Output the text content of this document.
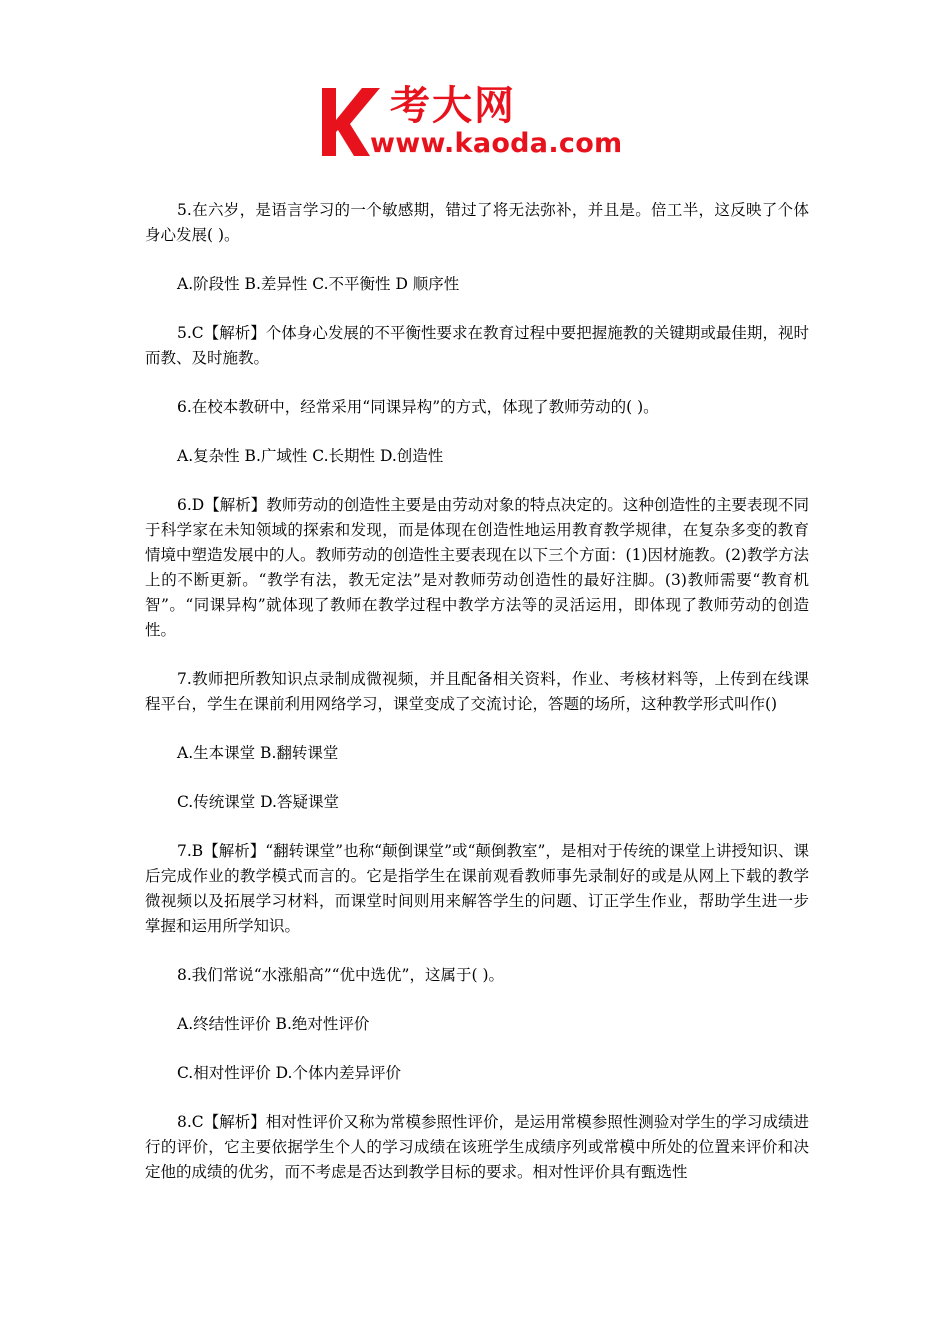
考大网
www.kaoda.com

5.在六岁，是语言学习的一个敏感期，错过了将无法弥补，并且是。倍工半，这反映了个体身心发展( )。

A.阶段性 B.差异性 C.不平衡性 D 顺序性

5.C【解析】个体身心发展的不平衡性要求在教育过程中要把握施教的关键期或最佳期，视时而教、及时施教。

6.在校本教研中，经常采用“同课异构”的方式，体现了教师劳动的( )。

A.复杂性 B.广域性 C.长期性 D.创造性

6.D【解析】教师劳动的创造性主要是由劳动对象的特点决定的。这种创造性的主要表现不同于科学家在未知领域的探索和发现，而是体现在创造性地运用教育教学规律，在复杂多变的教育情境中塑造发展中的人。教师劳动的创造性主要表现在以下三个方面：(1)因材施教。(2)教学方法上的不断更新。“教学有法，教无定法”是对教师劳动创造性的最好注脚。(3)教师需要“教育机智”。“同课异构”就体现了教师在教学过程中教学方法等的灵活运用，即体现了教师劳动的创造性。

7.教师把所教知识点录制成微视频，并且配备相关资料，作业、考核材料等，上传到在线课程平台，学生在课前利用网络学习，课堂变成了交流讨论，答题的场所，这种教学形式叫作()

A.生本课堂 B.翻转课堂

C.传统课堂 D.答疑课堂

7.B【解析】“翻转课堂”也称“颠倒课堂”或“颠倒教室”，是相对于传统的课堂上讲授知识、课后完成作业的教学模式而言的。它是指学生在课前观看教师事先录制好的或是从网上下载的教学微视频以及拓展学习材料，而课堂时间则用来解答学生的问题、订正学生作业，帮助学生进一步掌握和运用所学知识。

8.我们常说“水涨船高”“优中选优”，这属于( )。

A.终结性评价 B.绝对性评价

C.相对性评价 D.个体内差异评价

8.C【解析】相对性评价又称为常模参照性评价，是运用常模参照性测验对学生的学习成绩进行的评价，它主要依据学生个人的学习成绩在该班学生成绩序列或常模中所处的位置来评价和决定他的成绩的优劣，而不考虑是否达到教学目标的要求。相对性评价具有甄选性
